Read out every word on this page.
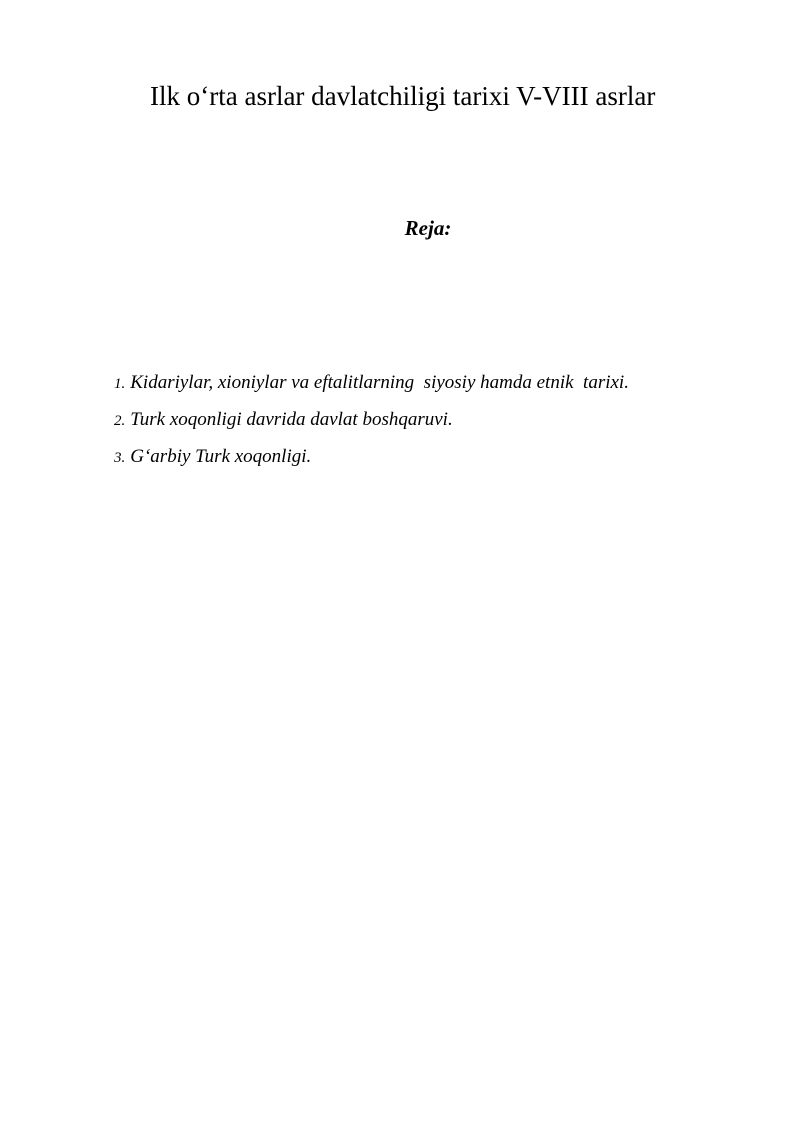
Ilk o‘rta asrlar davlatchiligi tarixi V-VIII asrlar
Reja:
1. Kidariylar, xioniylar va eftalitlarning  siyosiy hamda etnik  tarixi.
2. Turk xoqonligi davrida davlat boshqaruvi.
3. G‘arbiy Turk xoqonligi.
